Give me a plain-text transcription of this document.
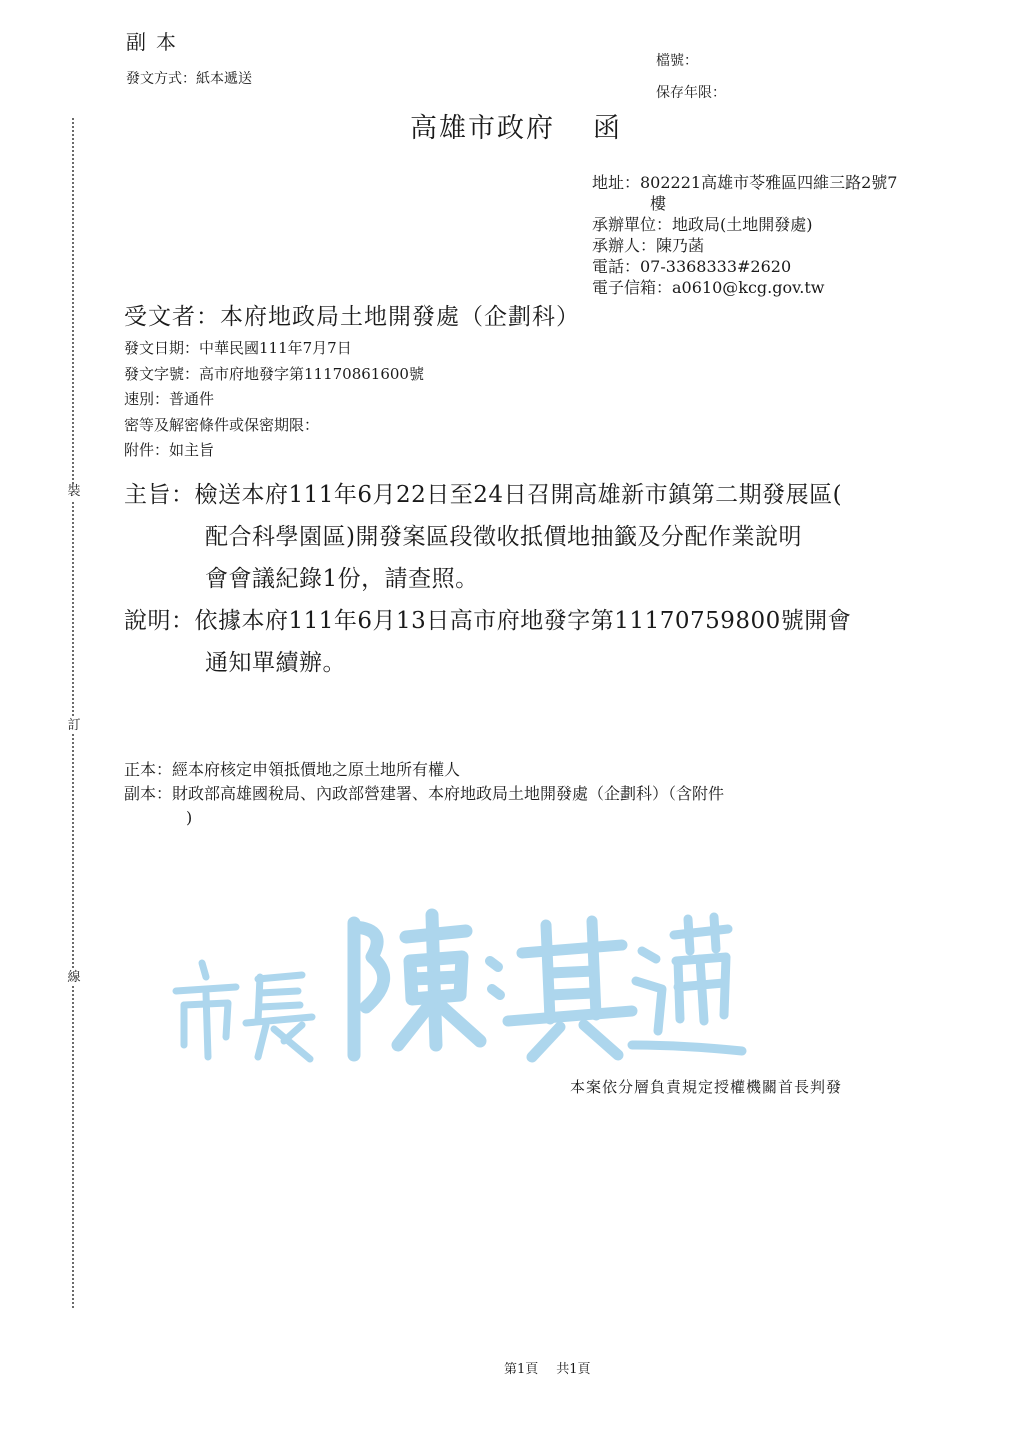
裝
訂
線
副本
發文方式：紙本遞送
檔號：
保存年限：
高雄市政府 函
地址：802221高雄市苓雅區四維三路2號7
樓
承辦單位：地政局(土地開發處)
承辦人：陳乃菡
電話：07-3368333#2620
電子信箱：a0610@kcg.gov.tw
受文者：本府地政局土地開發處（企劃科）
發文日期：中華民國111年7月7日
發文字號：高市府地發字第11170861600號
速別：普通件
密等及解密條件或保密期限：
附件：如主旨
主旨：檢送本府111年6月22日至24日召開高雄新市鎮第二期發展區(
配合科學園區)開發案區段徵收抵價地抽籤及分配作業說明
會會議紀錄1份，請查照。
說明：依據本府111年6月13日高市府地發字第11170759800號開會
通知單續辦。
正本：經本府核定申領抵價地之原土地所有權人
副本：財政部高雄國稅局、內政部營建署、本府地政局土地開發處（企劃科）（含附件
)
本案依分層負責規定授權機關首長判發
第1頁 共1頁
